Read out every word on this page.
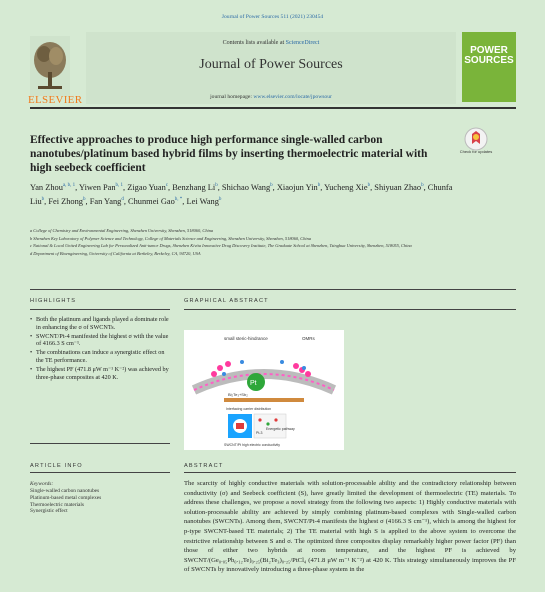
Journal of Power Sources 511 (2021) 230454
ELSEVIER
Contents lists available at ScienceDirect
Journal of Power Sources
journal homepage: www.elsevier.com/locate/jpowsour
POWER
SOURCES
Effective approaches to produce high performance single-walled carbon nanotubes/platinum based hybrid films by inserting thermoelectric material with high seebeck coefficient
Check for updates
Yan Zhou$^{a, b, 1}$, Yiwen Pan$^{b, 1}$, Zigao Yuan$^c$, Benzhang Li$^b$, Shichao Wang$^b$, Xiaojun Yin$^b$, Yucheng Xie$^b$, Shiyuan Zhao$^b$, Chunfa Liu$^b$, Fei Zhong$^b$, Fan Yang$^d$, Chunmei Gao$^{b, *}$, Lei Wang$^b$
a College of Chemistry and Environmental Engineering, Shenzhen University, Shenzhen, 518060, China
b Shenzhen Key Laboratory of Polymer Science and Technology, College of Materials Science and Engineering, Shenzhen University, Shenzhen, 518060, China
c National & Local United Engineering Lab for Personalized Anti-tumor Drugs, Shenzhen Kivita Innovative Drug Discovery Institute, The Graduate School at Shenzhen, Tsinghua University, Shenzhen, 518055, China
d Department of Bioengineering, University of California at Berkeley, Berkeley, CA, 94720, USA
HIGHLIGHTS	GRAPHICAL ABSTRACT
• Both the platinum and ligands played a dominate role in enhancing the σ of SWCNTs.
• SWCNT/Pt-4 manifested the highest σ with the value of 4166.3 S cm⁻¹.
• The combinations can induce a synergistic effect on the TE performance.
• The highest PF (471.8 μW m⁻¹ K⁻²) was achieved by three-phase composites at 420 K.
Pt
small steric-hindrance	OMRs
Bi₂Te₃+Sb₂
Interfacing carrier distribution
Pt-3
Energetic pathway
SWCNT/Pt high electric conductivity
ARTICLE INFO	ABSTRACT
Keywords:
Single-walled carbon nanotubes
Platinum-based metal complexes
Thermoelectric materials
Synergistic effect
The scarcity of highly conductive materials with solution-processable ability and the contradictory relationship between conductivity (σ) and Seebeck coefficient (S), have greatly limited the development of thermoelectric (TE) materials. To address these challenges, we propose a novel strategy from the following two aspects: 1) Highly conductive materials with solution-processable ability are achieved by simply combining platinum-based complexes with Single-walled carbon nanotubes (SWCNTs). Among them, SWCNT/Pt-4 manifests the highest σ (4166.3 S cm⁻¹), which is among the highest for p-type SWCNT-based TE materials; 2) The TE material with high S is applied to the above system to overcome the restrictive relationship between S and σ. The optimized three composites display remarkably higher power factor (PF) than those of either two hybrids at room temperature, and the highest PF is achieved by SWCNT/(Ge₀.₀₅Pb₀.₁₂Te)₀.₂₅(Bi₂Te₃)₀.₂₅/PtCl₄ (471.8 μW m⁻¹ K⁻²) at 420 K. This strategy simultaneously improves the PF of SWCNTs by innovatively introducing a three-phase system in the
